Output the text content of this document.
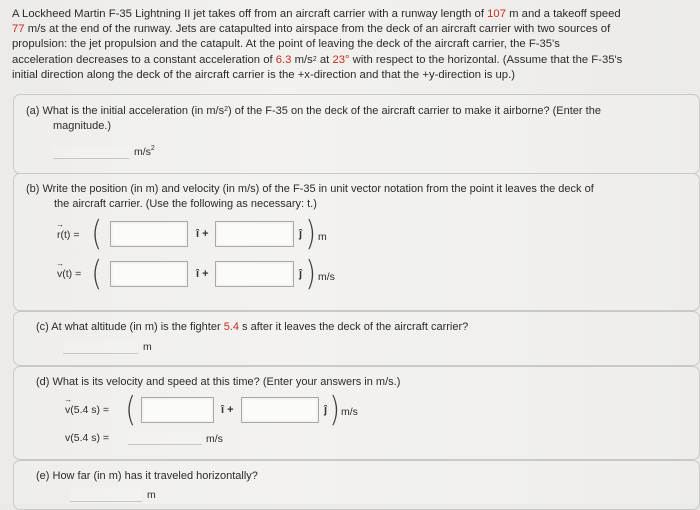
A Lockheed Martin F-35 Lightning II jet takes off from an aircraft carrier with a runway length of 107 m and a takeoff speed
77 m/s at the end of the runway. Jets are catapulted into airspace from the deck of an aircraft carrier with two sources of
propulsion: the jet propulsion and the catapult. At the point of leaving the deck of the aircraft carrier, the F-35's
acceleration decreases to a constant acceleration of 6.3 $m/s^2$ at 23° with respect to the horizontal. (Assume that the F-35's
initial direction along the deck of the aircraft carrier is the +x-direction and that the +y-direction is up.)
(a) What is the initial acceleration (in $m/s^2$) of the F-35 on the deck of the aircraft carrier to make it airborne? (Enter the
magnitude.)
$m/s^2$
(b) Write the position (in m) and velocity (in m/s) of the F-35 in unit vector notation from the point it leaves the deck of
the aircraft carrier. (Use the following as necessary: t.)
→ r(t) = (	î +	ĵ ) m
→ v(t) = (	î +	ĵ ) m/s
(c) At what altitude (in m) is the fighter 5.4 s after it leaves the deck of the aircraft carrier?
m
(d) What is its velocity and speed at this time? (Enter your answers in m/s.)
→ v(5.4 s) = (	î +	ĵ ) m/s
v(5.4 s) =	m/s
(e) How far (in m) has it traveled horizontally?
m
